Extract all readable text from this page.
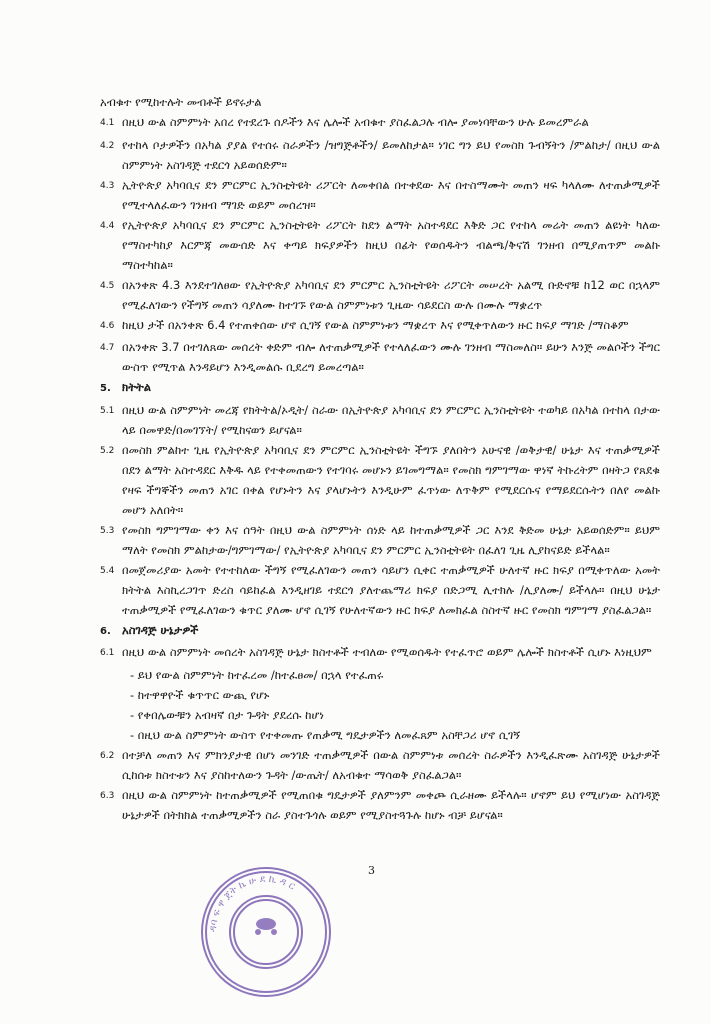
አብቁተ የሚከተሉት መብቶች ይኖሩታል
4.1 በዚህ ውል ስምምነት አበረ የተደረጉ ሰዶችን እና ሌሎች አብቁተ ያስፈልጋሉ ብሎ ያመነባቸውን ሁሉ ይመረምራል
4.2 የተከላ ቦታዎችን በአካል ያያል የተሰሩ ስራዎችን /ዝግጅቶችን/ ይመለከታል። ነገር ግን ይህ የመስክ ጉብኝትን /ምልከታ/ በዚህ ውል ስምምነት አስገዳጅ ተደርጎ አይወሰድም።
4.3 ኢትዮጵያ አካባቢና ደን ምርምር ኢንስቲትዩት ሪፖርት ለመቀበል በተቀደው እና በተስማሙት መጠን ዛፍ ካላለሙ ለተጠቃሚዎች የሚተላለፈውን ገንዘብ ማገድ ወይም መሰረዝ።
4.4 የኢትዮጵያ አካባቢና ደን ምርምር ኢንስቲትዩት ሪፖርት ከደን ልማት አስተዳደር እቅድ ጋር የተከላ መሬት መጠን ልዩነት ካለው የማስተካከያ እርምጃ መውሰድ እና ቀጣይ ክፍያዎችን ከዚህ በፊት የወሰዱትን ብልጫ/ቅናሽ ገንዘብ በሚያጠጥም መልኩ ማስተካከል።
4.5 በአንቀጽ 4.3 እንደተገለፀው የኢትዮጵያ አካባቢና ደን ምርምር ኢንስቲትዩት ሪፖርት መሠረት አልሚ ቡድኖቹ ከ12 ወር በኋላም የሚፈለገውን የችግኝ መጠን ሳያለሙ ከተገኙ የውል ስምምነቱን ጊዜው ሳይደርስ ውሉ በሙሉ ማቋረጥ
4.6 ከዚህ ታች በአንቀጽ 6.4 የተጠቀሰው ሆኖ ሲገኝ የውል ስምምነቱን ማቋረጥ እና የሚቀጥለውን ዙር ክፍያ ማገድ /ማስቆም
4.7 በአንቀጽ 3.7 በተገለጸው መሰረት ቀድም ብሎ ለተጠቃሚዎች የተላለፈውን ሙሉ ገንዘብ ማስመለስ። ይሁን እንጅ መልሶችን ችግር ውስጥ የሚጥል እንዳይሆን እንዲመልሱ ቢደረግ ይመረጣል።
5. ክትትል
5.1 በዚህ ውል ስምምነት መረጃ የክትትል/ኦዲት/ ስራው በኢትዮጵያ አካባቢና ደን ምርምር ኢንስቲትዩት ተወካይ በአካል በተከላ በታው ላይ በመዋድ/በመገኘት/ የሚከናወን ይሆናል።
5.2 በመስክ ምልከተ ጊዜ የኢትዮጵያ አካባቢና ደን ምርምር ኢንስቲትዩት ችግኙ ያለበትን አሁናዊ /ወቅታዊ/ ሁኔታ እና ተጠቃሚዎች በደን ልማት አስተዳደር እቅዱ ላይ የተቀመጠውን የተገባሩ መሆኑን ይገመግማል። የመስክ ግምገማው ዋነኛ ትኩረትም በዛትጋ የጸደቁ የዛፍ ችግኞችን መጠን አገር በቀል የሆኑትን እና ያላሆኑትን እንዲሁም ፈጥነው ለጥቅም የሚደርሱና የማይደርሱትን በለየ መልኩ መሆን አለበት።
5.3 የመስክ ግምገማው ቀን እና ሰዓት በዚህ ውል ስምምነት ሰነድ ላይ ከተጠቃሚዎች ጋር እንደ ቅድመ ሁኔታ አይወሰድም። ይህም ማለት የመስክ ምልከታው/ግምገማው/ የኢትዮጵያ አካባቢና ደን ምርምር ኢንስቲትዩት በፈለገ ጊዜ ሊያከናይድ ይችላል።
5.4 በመጀመሪያው አመት የተተከለው ችግኝ የሚፈለገውን መጠን ሳይሆን ሲቀር ተጠቃሚዎች ሁለተኛ ዙር ክፍያ በሚቀጥለው አመት ክትትል እስኪረጋገጥ ድረስ ሳይከፈል እንዲዘገይ ተደርጎ ያለተጨማሪ ክፍያ በድጋሚ ሊተክሉ /ሊያለሙ/ ይችላሉ። በዚህ ሁኔታ ተጠቃሚዎች የሚፈለገውን ቁጥር ያለሙ ሆኖ ሲገኝ የሁለተኛውን ዙር ክፍያ ለመክፈል ስስተኛ ዙር የመስክ ግምገማ ያስፈልጋል።
6. አስገዳጅ ሁኔታዎች
6.1 በዚህ ውል ስምምነት መሰረት አስገዳጅ ሁኔታ ክስተቶች ተብለው የሚወሰዱት የተፈጥሮ ወይም ሌሎች ክስተቶች ሲሆኑ እነዚህም
- ይህ የውል ስምምነት ከተፈረመ /ከተፈፀመ/ በኋላ የተፈጠሩ
- ከተዋዋዮች ቁጥጥር ውጪ የሆኑ
- የቀበሌውቹን አብዛኛ በታ ጉዳት ያደረሱ ከሆነ
- በዚህ ውል ስምምነት ውስጥ የተቀመጡ የጠቃሚ ግዴታዎችን ለመፈጸም አስቸጋሪ ሆኖ ሲገኝ
6.2 በተቻለ መጠን እና ምክንያታዊ በሆነ መንገድ ተጠቃሚዎች በውል ስምምነቱ መሰረት ስራዎችን እንዲፈጽሙ አስገዳጅ ሁኔታዎች ሲከሰቱ ክስተቱን እና ያስከተለውን ጉዳት /ውጤት/ ለአብቁተ ማሳወቅ ያስፈልጋል።
6.3 በዚህ ውል ስምምነት ከተጠቃሚዎች የሚጠበቁ ግዴታዎች ያለምንም መቀጮ ሲራዘሙ ይችላሉ። ሆኖም ይህ የሚሆነው አስገዳጅ ሁኔታዎች በትክክል ተጠቃሚዎችን ስራ ያስተጉጎሉ ወይም የሚያስተጓጉሉ ከሆኑ ብቻ ይሆናል።
3
ዳባ ፍ ዋ ጀት ኬ ሁ ደ ኪ ዳ ር
